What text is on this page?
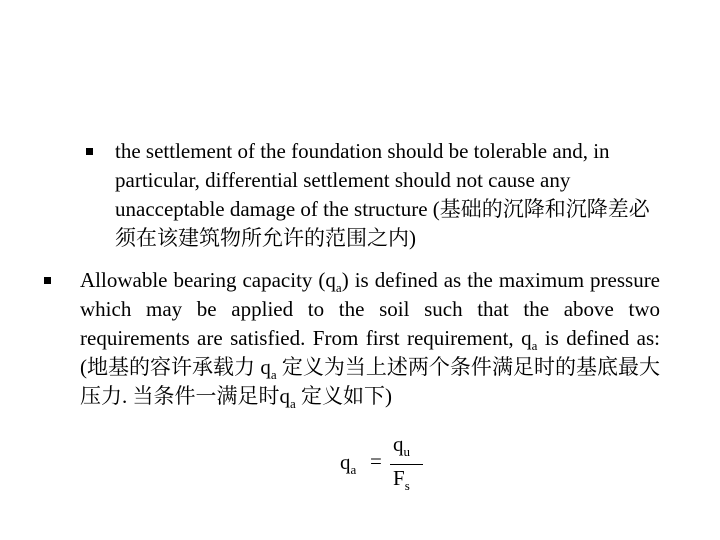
the settlement of the foundation should be tolerable and, in particular, differential settlement should not cause any unacceptable damage of the structure (基础的沉降和沉降差必须在该建筑物所允许的范围之内)
Allowable bearing capacity $(q_a)$ is defined as the maximum pressure which may be applied to the soil such that the above two requirements are satisfied. From first requirement, $q_a$ is defined as: (地基的容许承载力 $q_a$ 定义为当上述两个条件满足时的基底最大压力. 当条件一满足时$q_a$ 定义如下)
$q_a$ =
$q_u$
$F_s$
